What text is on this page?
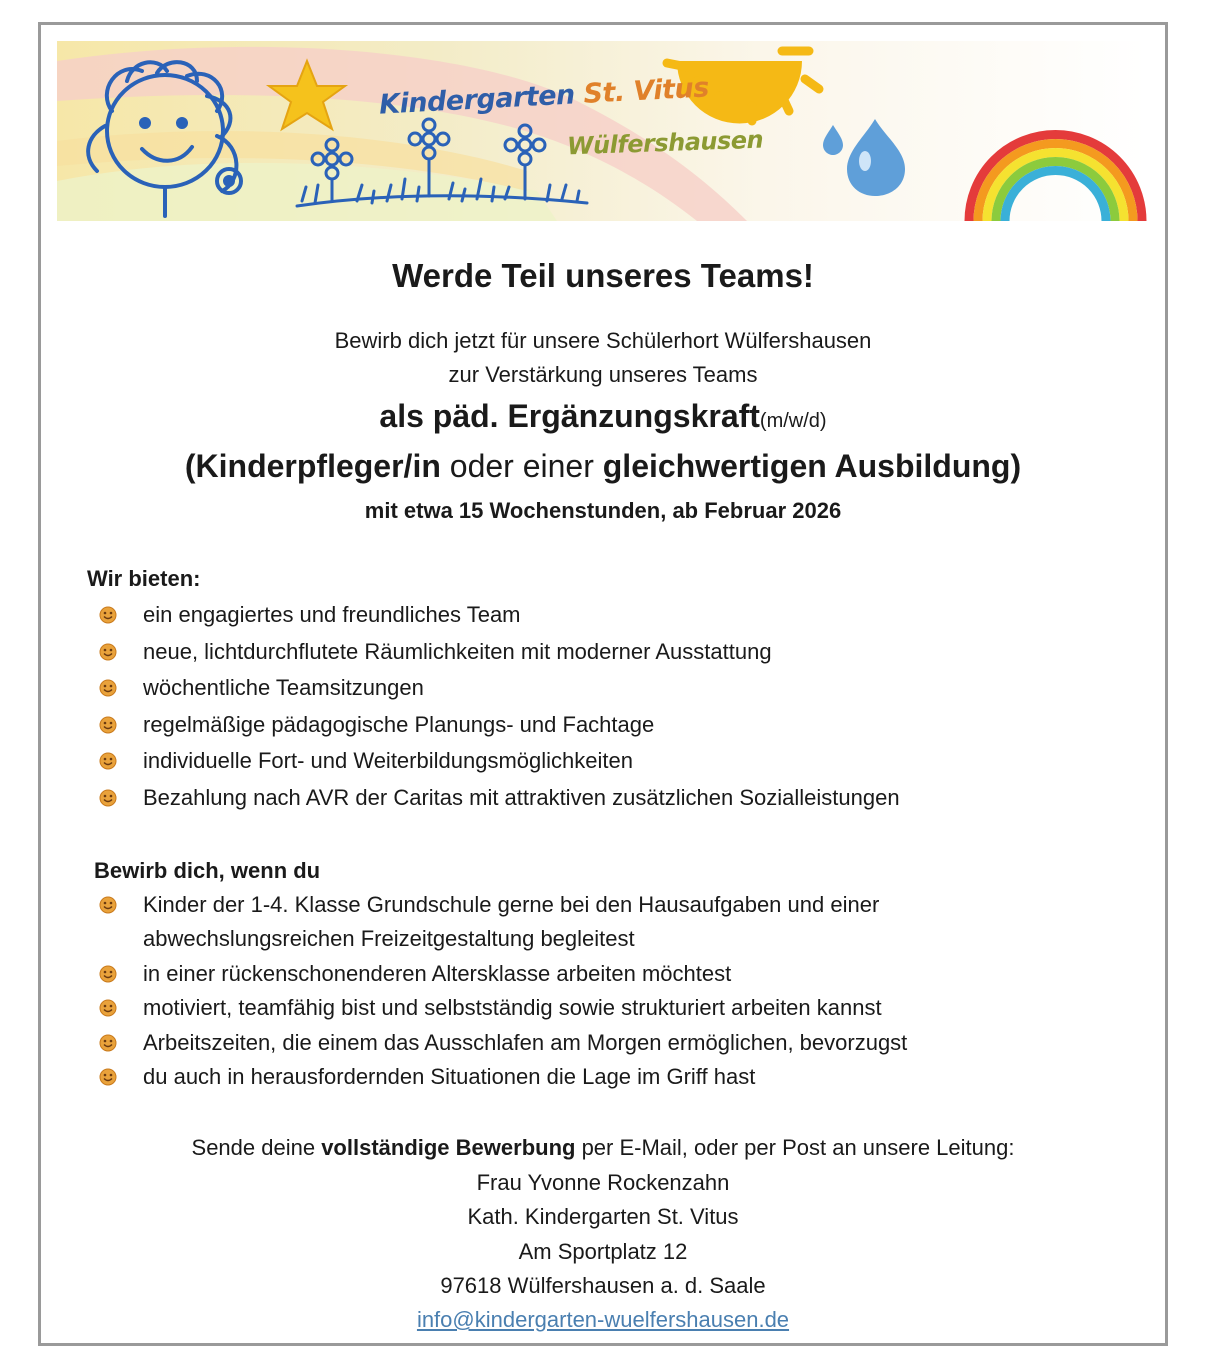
Kindergarten St. Vitus
Wülfershausen
Werde Teil unseres Teams!
Bewirb dich jetzt für unsere Schülerhort Wülfershausen
zur Verstärkung unseres Teams
als päd. Ergänzungskraft(m/w/d)
(Kinderpfleger/in oder einer gleichwertigen Ausbildung)
mit etwa 15 Wochenstunden, ab Februar 2026
Wir bieten:
ein engagiertes und freundliches Team
neue, lichtdurchflutete Räumlichkeiten mit moderner Ausstattung
wöchentliche Teamsitzungen
regelmäßige pädagogische Planungs- und Fachtage
individuelle Fort- und Weiterbildungsmöglichkeiten
Bezahlung nach AVR der Caritas mit attraktiven zusätzlichen Sozialleistungen
Bewirb dich, wenn du
Kinder der 1-4. Klasse Grundschule gerne bei den Hausaufgaben und einer abwechslungsreichen Freizeitgestaltung begleitest
in einer rückenschonenderen Altersklasse arbeiten möchtest
motiviert, teamfähig bist und selbstständig sowie strukturiert arbeiten kannst
Arbeitszeiten, die einem das Ausschlafen am Morgen ermöglichen, bevorzugst
du auch in herausfordernden Situationen die Lage im Griff hast
Sende deine vollständige Bewerbung per E-Mail, oder per Post an unsere Leitung:
Frau Yvonne Rockenzahn
Kath. Kindergarten St. Vitus
Am Sportplatz 12
97618 Wülfershausen a. d. Saale
info@kindergarten-wuelfershausen.de
